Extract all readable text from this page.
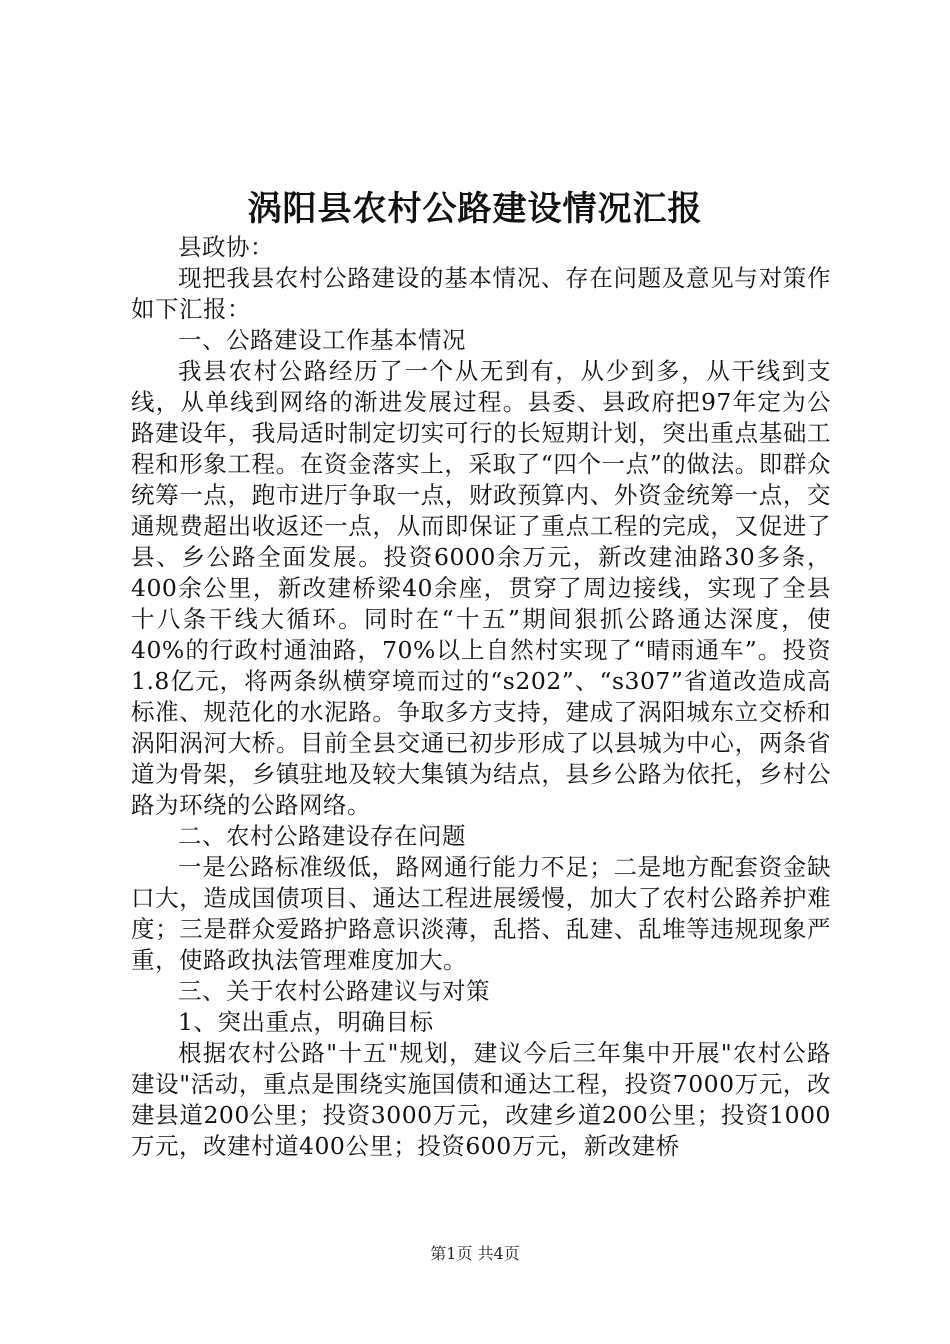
涡阳县农村公路建设情况汇报

县政协：

现把我县农村公路建设的基本情况、存在问题及意见与对策作如下汇报：

一、公路建设工作基本情况

我县农村公路经历了一个从无到有，从少到多，从干线到支线，从单线到网络的渐进发展过程。县委、县政府把97年定为公路建设年，我局适时制定切实可行的长短期计划，突出重点基础工程和形象工程。在资金落实上，采取了“四个一点”的做法。即群众统筹一点，跑市进厅争取一点，财政预算内、外资金统筹一点，交通规费超出收返还一点，从而即保证了重点工程的完成，又促进了县、乡公路全面发展。投资6000余万元，新改建油路30多条，400余公里，新改建桥梁40余座，贯穿了周边接线，实现了全县十八条干线大循环。同时在“十五”期间狠抓公路通达深度，使40%的行政村通油路，70%以上自然村实现了“晴雨通车”。投资1.8亿元，将两条纵横穿境而过的“s202”、“s307”省道改造成高标准、规范化的水泥路。争取多方支持，建成了涡阳城东立交桥和涡阳涡河大桥。目前全县交通已初步形成了以县城为中心，两条省道为骨架，乡镇驻地及较大集镇为结点，县乡公路为依托，乡村公路为环绕的公路网络。

二、农村公路建设存在问题

一是公路标准级低，路网通行能力不足；二是地方配套资金缺口大，造成国债项目、通达工程进展缓慢，加大了农村公路养护难度；三是群众爱路护路意识淡薄，乱搭、乱建、乱堆等违规现象严重，使路政执法管理难度加大。

三、关于农村公路建议与对策

1、突出重点，明确目标

根据农村公路"十五"规划，建议今后三年集中开展"农村公路建设"活动，重点是围绕实施国债和通达工程，投资7000万元，改建县道200公里；投资3000万元，改建乡道200公里；投资1000万元，改建村道400公里；投资600万元，新改建桥

第1页 共4页
